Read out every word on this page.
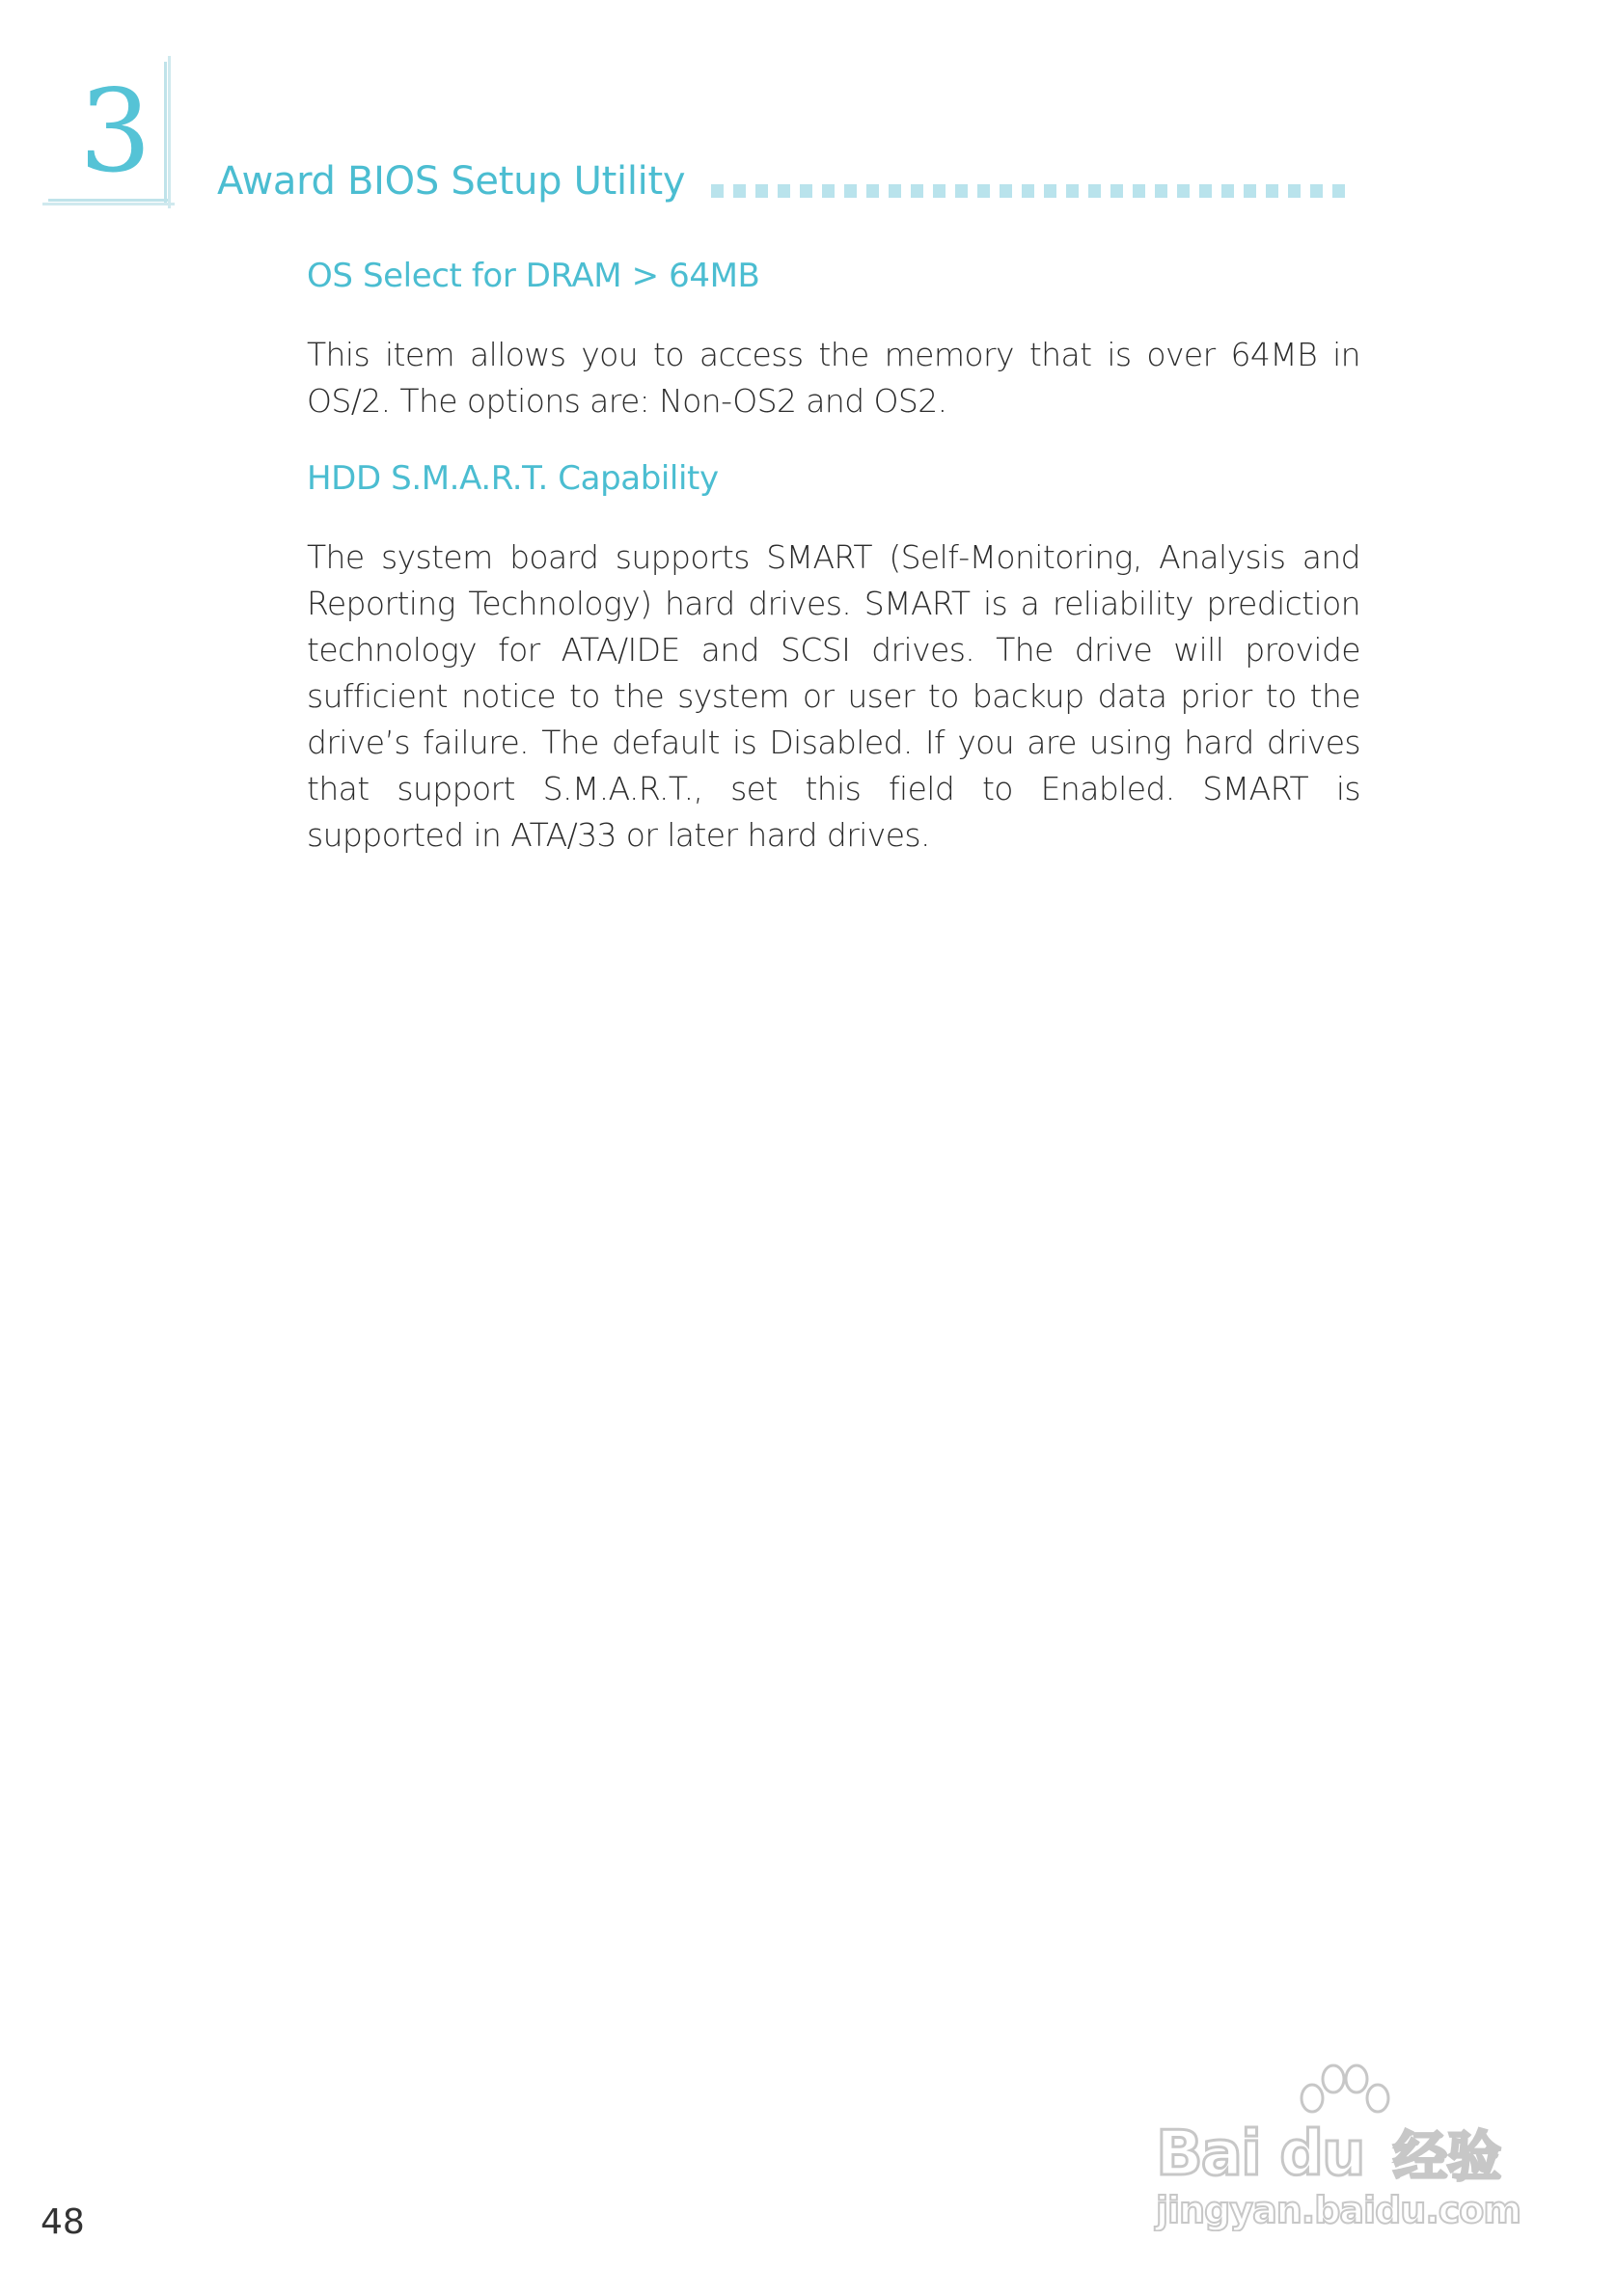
3 Award BIOS Setup Utility
OS Select for DRAM > 64MB

This item allows you to access the memory that is over 64MB in OS/2. The options are: Non-OS2 and OS2.

HDD S.M.A.R.T. Capability

The system board supports SMART (Self-Monitoring, Analysis and Reporting Technology) hard drives. SMART is a reliability prediction technology for ATA/IDE and SCSI drives. The drive will provide sufficient notice to the system or user to backup data prior to the drive’s failure. The default is Disabled. If you are using hard drives that support S.M.A.R.T., set this field to Enabled. SMART is supported in ATA/33 or later hard drives.

48
Bai du 经验
jingyan.baidu.com
